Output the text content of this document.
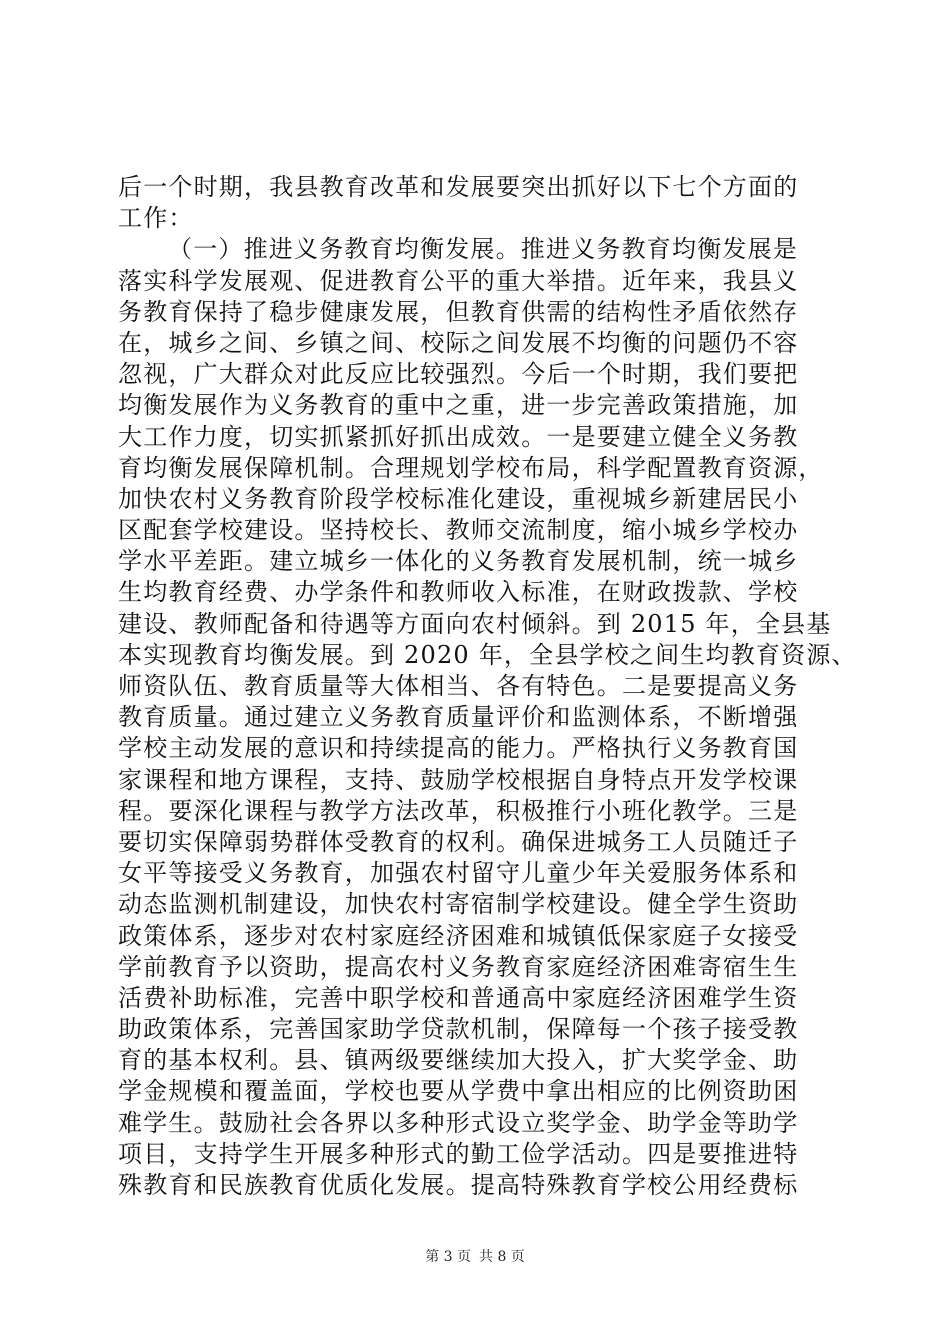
后一个时期，我县教育改革和发展要突出抓好以下七个方面的
工作：
（一）推进义务教育均衡发展。推进义务教育均衡发展是
落实科学发展观、促进教育公平的重大举措。近年来，我县义
务教育保持了稳步健康发展，但教育供需的结构性矛盾依然存
在，城乡之间、乡镇之间、校际之间发展不均衡的问题仍不容
忽视，广大群众对此反应比较强烈。今后一个时期，我们要把
均衡发展作为义务教育的重中之重，进一步完善政策措施，加
大工作力度，切实抓紧抓好抓出成效。一是要建立健全义务教
育均衡发展保障机制。合理规划学校布局，科学配置教育资源，
加快农村义务教育阶段学校标准化建设，重视城乡新建居民小
区配套学校建设。坚持校长、教师交流制度，缩小城乡学校办
学水平差距。建立城乡一体化的义务教育发展机制，统一城乡
生均教育经费、办学条件和教师收入标准，在财政拨款、学校
建设、教师配备和待遇等方面向农村倾斜。到 2015 年，全县基
本实现教育均衡发展。到 2020 年，全县学校之间生均教育资源、
师资队伍、教育质量等大体相当、各有特色。二是要提高义务
教育质量。通过建立义务教育质量评价和监测体系，不断增强
学校主动发展的意识和持续提高的能力。严格执行义务教育国
家课程和地方课程，支持、鼓励学校根据自身特点开发学校课
程。要深化课程与教学方法改革，积极推行小班化教学。三是
要切实保障弱势群体受教育的权利。确保进城务工人员随迁子
女平等接受义务教育，加强农村留守儿童少年关爱服务体系和
动态监测机制建设，加快农村寄宿制学校建设。健全学生资助
政策体系，逐步对农村家庭经济困难和城镇低保家庭子女接受
学前教育予以资助，提高农村义务教育家庭经济困难寄宿生生
活费补助标准，完善中职学校和普通高中家庭经济困难学生资
助政策体系，完善国家助学贷款机制，保障每一个孩子接受教
育的基本权利。县、镇两级要继续加大投入，扩大奖学金、助
学金规模和覆盖面，学校也要从学费中拿出相应的比例资助困
难学生。鼓励社会各界以多种形式设立奖学金、助学金等助学
项目，支持学生开展多种形式的勤工俭学活动。四是要推进特
殊教育和民族教育优质化发展。提高特殊教育学校公用经费标
第 3 页 共 8 页
